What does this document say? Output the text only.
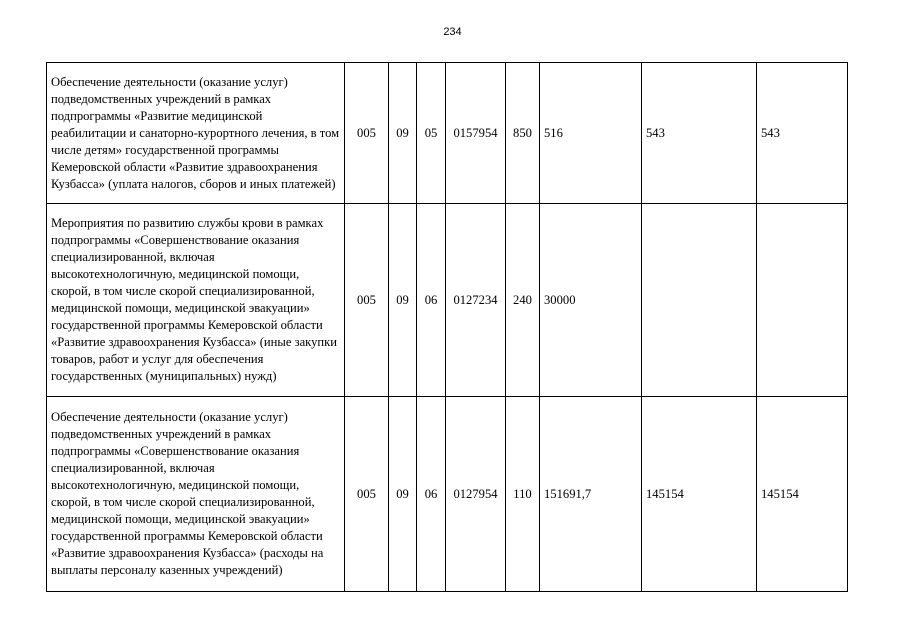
234
Обеспечение деятельности (оказание услуг) подведомственных учреждений в рамках подпрограммы «Развитие медицинской реабилитации и санаторно-курортного лечения, в том числе детям» государственной программы Кемеровской области «Развитие здравоохранения Кузбасса» (уплата налогов, сборов и иных платежей)	005	09	05	0157954	850	516	543	543
Мероприятия по развитию службы крови в рамках подпрограммы «Совершенствование оказания специализированной, включая высокотехнологичную, медицинской помощи, скорой, в том числе скорой специализированной, медицинской помощи, медицинской эвакуации» государственной программы Кемеровской области «Развитие здравоохранения Кузбасса» (иные закупки товаров, работ и услуг для обеспечения государственных (муниципальных) нужд)	005	09	06	0127234	240	30000		
Обеспечение деятельности (оказание услуг) подведомственных учреждений в рамках подпрограммы «Совершенствование оказания специализированной, включая высокотехнологичную, медицинской помощи, скорой, в том числе скорой специализированной, медицинской помощи, медицинской эвакуации» государственной программы Кемеровской области «Развитие здравоохранения Кузбасса» (расходы на выплаты персоналу казенных учреждений)	005	09	06	0127954	110	151691,7	145154	145154
